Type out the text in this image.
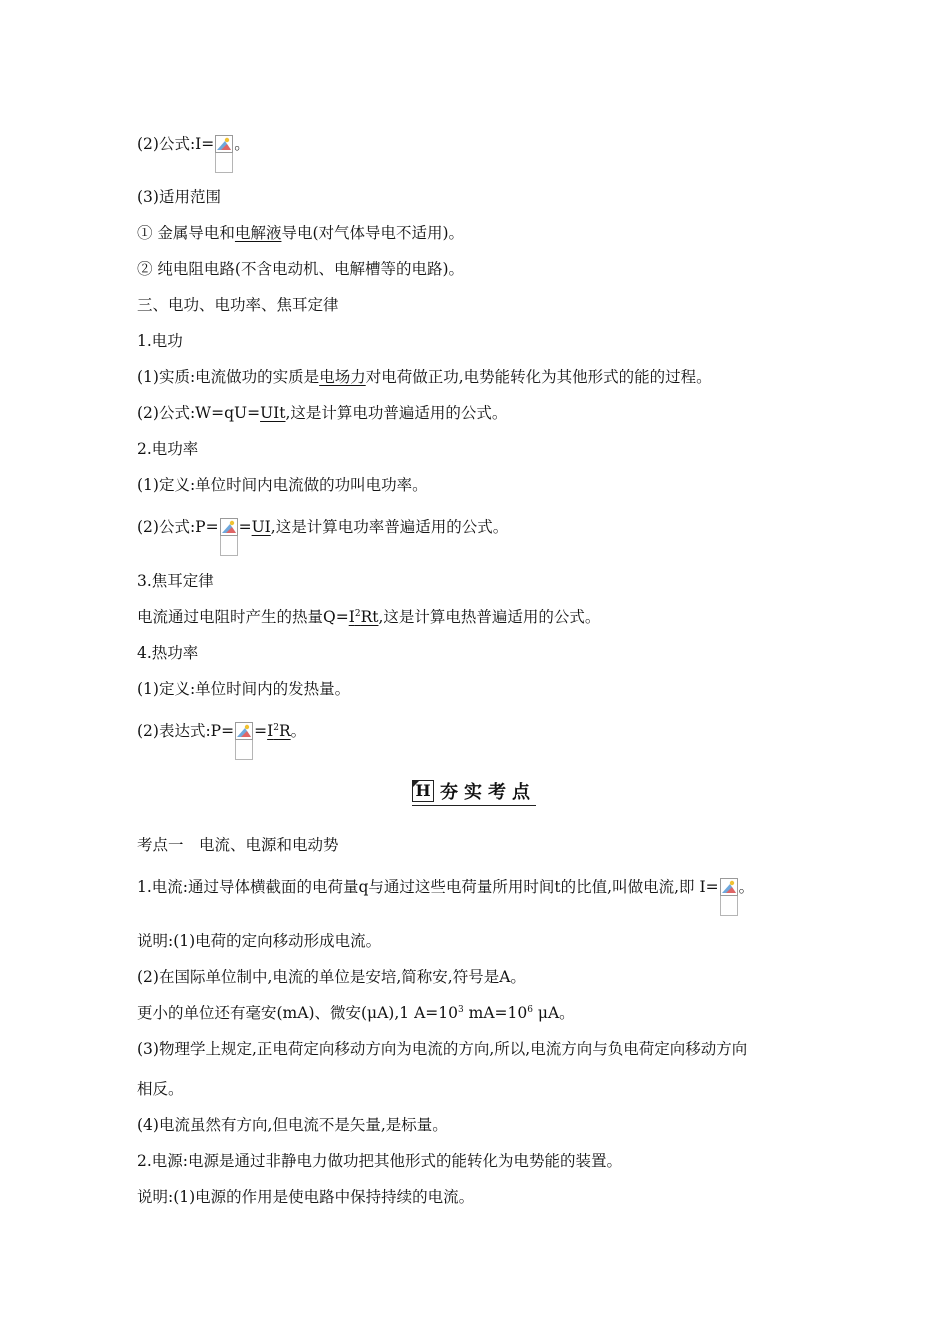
(2)公式:I= 。
(3)适用范围
① 金属导电和电解液导电(对气体导电不适用)。
② 纯电阻电路(不含电动机、电解槽等的电路)。
三、电功、电功率、焦耳定律
1.电功
(1)实质:电流做功的实质是电场力对电荷做正功,电势能转化为其他形式的能的过程。
(2)公式:W=qU=UIt,这是计算电功普遍适用的公式。
2.电功率
(1)定义:单位时间内电流做的功叫电功率。
(2)公式:P= =UI,这是计算电功率普遍适用的公式。
3.焦耳定律
电流通过电阻时产生的热量$Q=I^2Rt$,这是计算电热普遍适用的公式。
4.热功率
(1)定义:单位时间内的发热量。
(2)表达式:P= $=I^2R$。
H 夯实考点
考点一　电流、电源和电动势
1.电流:通过导体横截面的电荷量q与通过这些电荷量所用时间t的比值,叫做电流,即 I= 。
说明:(1)电荷的定向移动形成电流。
(2)在国际单位制中,电流的单位是安培,简称安,符号是A。
更小的单位还有毫安(mA)、微安(μA),1 $A=10^3$ $mA=10^6$ μA。
(3)物理学上规定,正电荷定向移动方向为电流的方向,所以,电流方向与负电荷定向移动方向
相反。
(4)电流虽然有方向,但电流不是矢量,是标量。
2.电源:电源是通过非静电力做功把其他形式的能转化为电势能的装置。
说明:(1)电源的作用是使电路中保持持续的电流。
